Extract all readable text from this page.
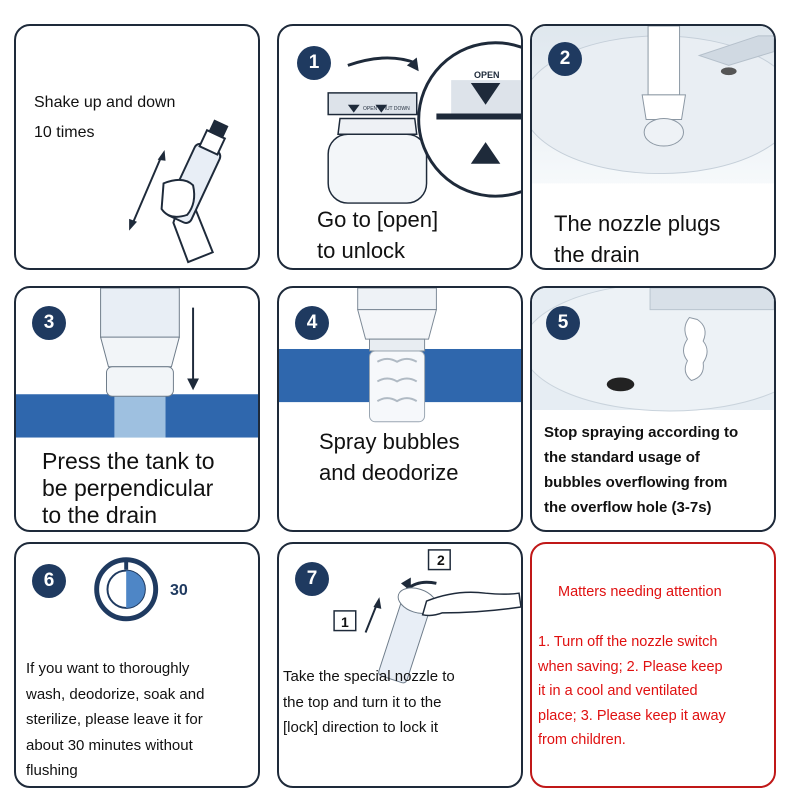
Shake up and down
10 times
OPEN
OPEN SHUT DOWN
1
Go to [open]
to unlock
2
The nozzle plugs
the drain
3
Press the tank to
be perpendicular
to the drain
4
Spray bubbles
and deodorize
5
Stop spraying according to
the standard usage of
bubbles overflowing from
the overflow hole (3-7s)
30
6
If you want to thoroughly
wash, deodorize, soak and
sterilize, please leave it for
about 30 minutes without
flushing
2
1
7
Take the special nozzle to
the top and turn it to the
[lock] direction to lock it
Matters needing attention
1. Turn off the nozzle switch
when saving; 2. Please keep
it in a cool and ventilated
place; 3. Please keep it away
from children.
